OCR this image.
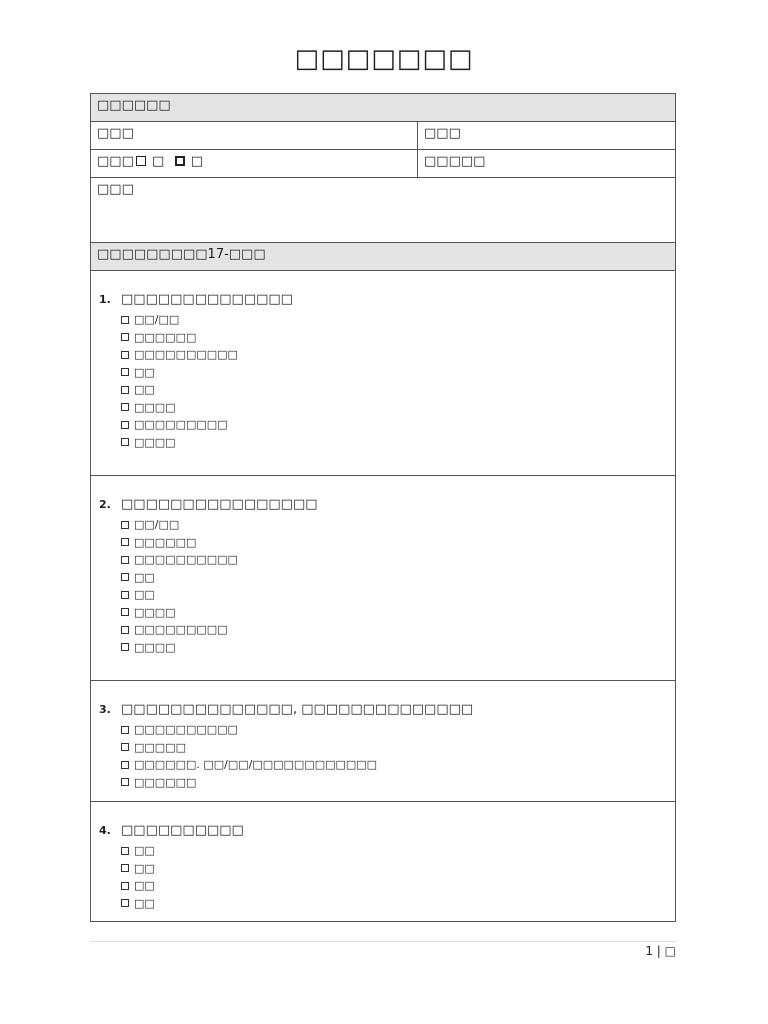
□□□□□□□
□□□□□□
□□□	□□□
□□□ □ □	□□□□□
□□□
□□□□□□□□□17-□□□
1. □□□□□□□□□□□□□□
□□/□□
□□□□□□
□□□□□□□□□□
□□
□□
□□□□
□□□□□□□□□
□□□□
2. □□□□□□□□□□□□□□□□
□□/□□
□□□□□□
□□□□□□□□□□
□□
□□
□□□□
□□□□□□□□□
□□□□
3. □□□□□□□□□□□□□□, □□□□□□□□□□□□□□
□□□□□□□□□□
□□□□□
□□□□□□. □□/□□/□□□□□□□□□□□□
□□□□□□
4. □□□□□□□□□□
□□
□□
□□
□□
1 | □
